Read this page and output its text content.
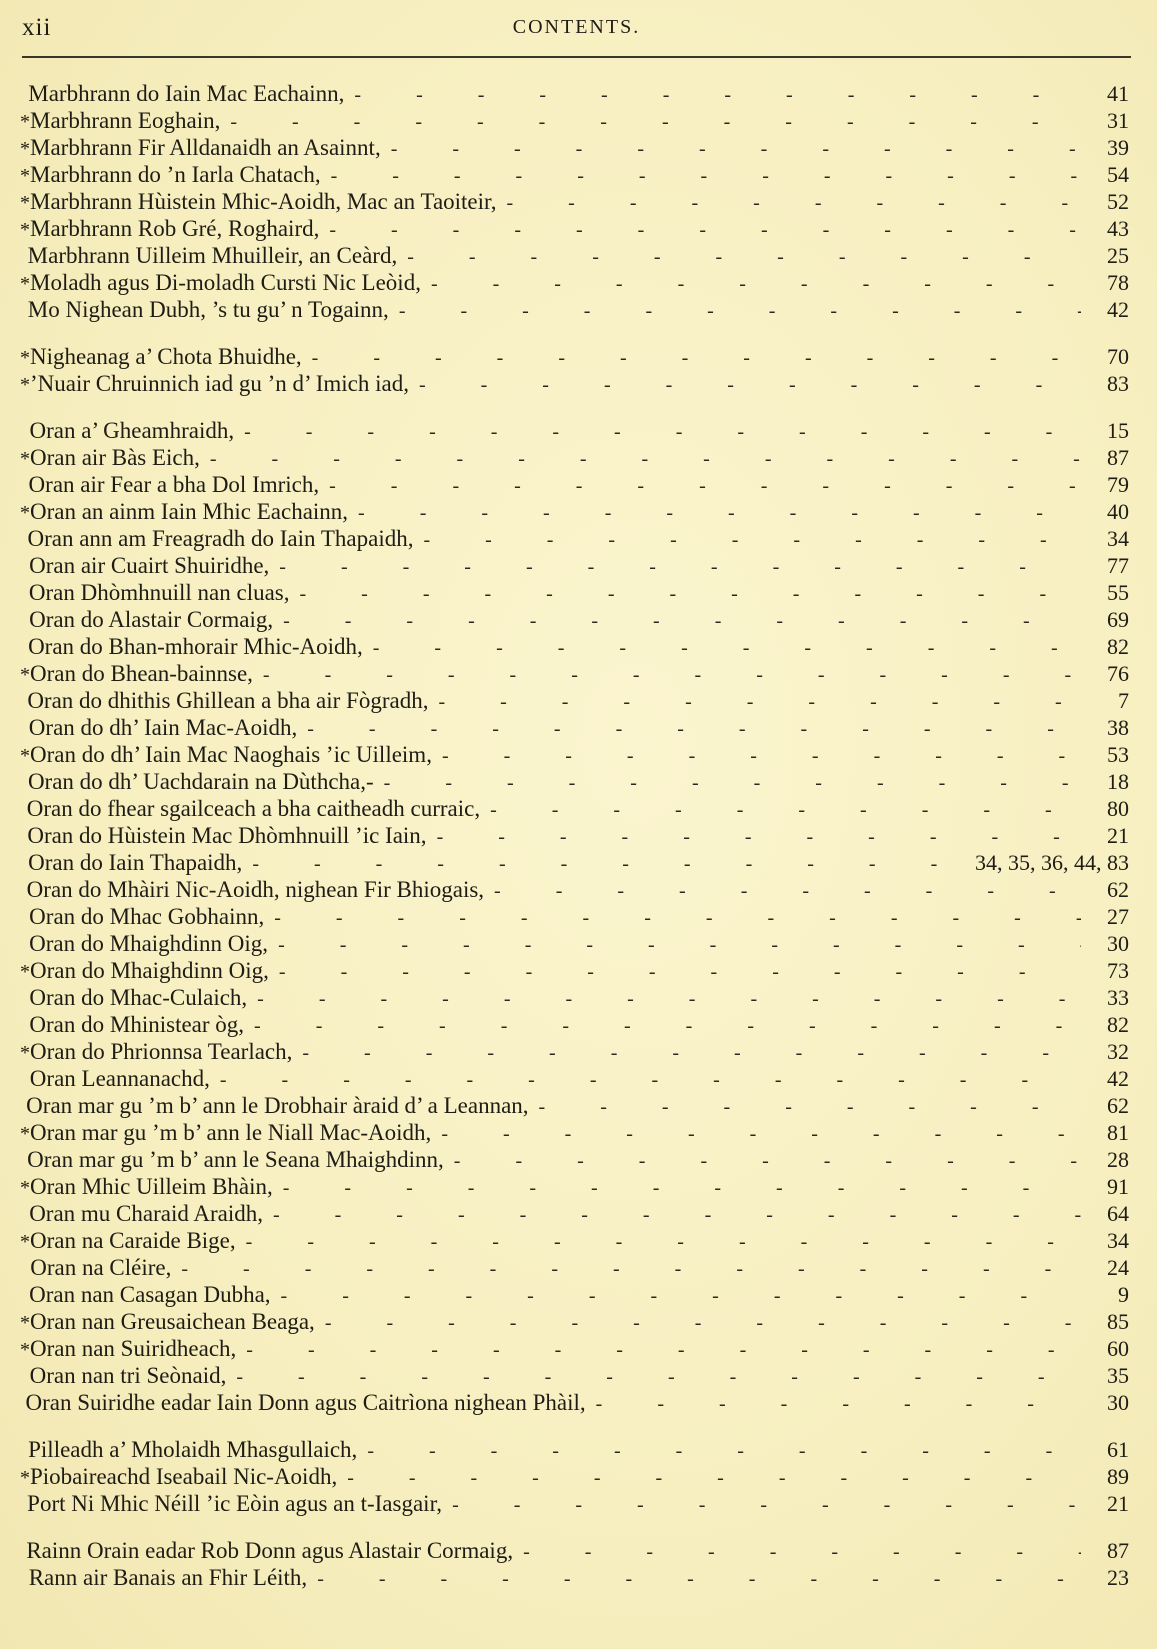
xii	CONTENTS.
Marbhrann do Iain Mac Eachainn, -	41
* Marbhrann Eoghain, -	31
* Marbhrann Fir Alldanaidh an Asainnt, -	39
* Marbhrann do ’n Iarla Chatach, -	54
* Marbhrann Hùistein Mhic-Aoidh, Mac an Taoiteir, -	52
* Marbhrann Rob Gré, Roghaird, -	43
Marbhrann Uilleim Mhuilleir, an Ceàrd, -	25
* Moladh agus Di-moladh Cursti Nic Leòid, -	78
Mo Nighean Dubh, ’s tu gu’ n Togainn, -	42
* Nigheanag a’ Chota Bhuidhe, -	70
* ’Nuair Chruinnich iad gu ’n d’ Imich iad, -	83
Oran a’ Gheamhraidh, -	15
* Oran air Bàs Eich, -	87
Oran air Fear a bha Dol Imrich, -	79
* Oran an ainm Iain Mhic Eachainn, -	40
Oran ann am Freagradh do Iain Thapaidh, -	34
Oran air Cuairt Shuiridhe, -	77
Oran Dhòmhnuill nan cluas, -	55
Oran do Alastair Cormaig, -	69
Oran do Bhan-mhorair Mhic-Aoidh, -	82
* Oran do Bhean-bainnse, -	76
Oran do dhithis Ghillean a bha air Fògradh, -	7
Oran do dh’ Iain Mac-Aoidh, -	38
* Oran do dh’ Iain Mac Naoghais ’ic Uilleim, -	53
Oran do dh’ Uachdarain na Dùthcha,- -	18
Oran do fhear sgailceach a bha caitheadh curraic, -	80
Oran do Hùistein Mac Dhòmhnuill ’ic Iain, -	21
Oran do Iain Thapaidh, -	34, 35, 36, 44, 83
Oran do Mhàiri Nic-Aoidh, nighean Fir Bhiogais, -	62
Oran do Mhac Gobhainn, -	27
Oran do Mhaighdinn Oig, -	30
* Oran do Mhaighdinn Oig, -	73
Oran do Mhac-Culaich, -	33
Oran do Mhinistear òg, -	82
* Oran do Phrionnsa Tearlach, -	32
Oran Leannanachd, -	42
Oran mar gu ’m b’ ann le Drobhair àraid d’ a Leannan, -	62
* Oran mar gu ’m b’ ann le Niall Mac-Aoidh, -	81
Oran mar gu ’m b’ ann le Seana Mhaighdinn, -	28
* Oran Mhic Uilleim Bhàin, -	91
Oran mu Charaid Araidh, -	64
* Oran na Caraide Bige, -	34
Oran na Cléire, -	24
Oran nan Casagan Dubha, -	9
* Oran nan Greusaichean Beaga, -	85
* Oran nan Suiridheach, -	60
Oran nan tri Seònaid, -	35
Oran Suiridhe eadar Iain Donn agus Caitrìona nighean Phàil, -	30
Pilleadh a’ Mholaidh Mhasgullaich, -	61
* Piobaireachd Iseabail Nic-Aoidh, -	89
Port Ni Mhic Néill ’ic Eòin agus an t-Iasgair, -	21
Rainn Orain eadar Rob Donn agus Alastair Cormaig, -	87
Rann air Banais an Fhir Léith, -	23
